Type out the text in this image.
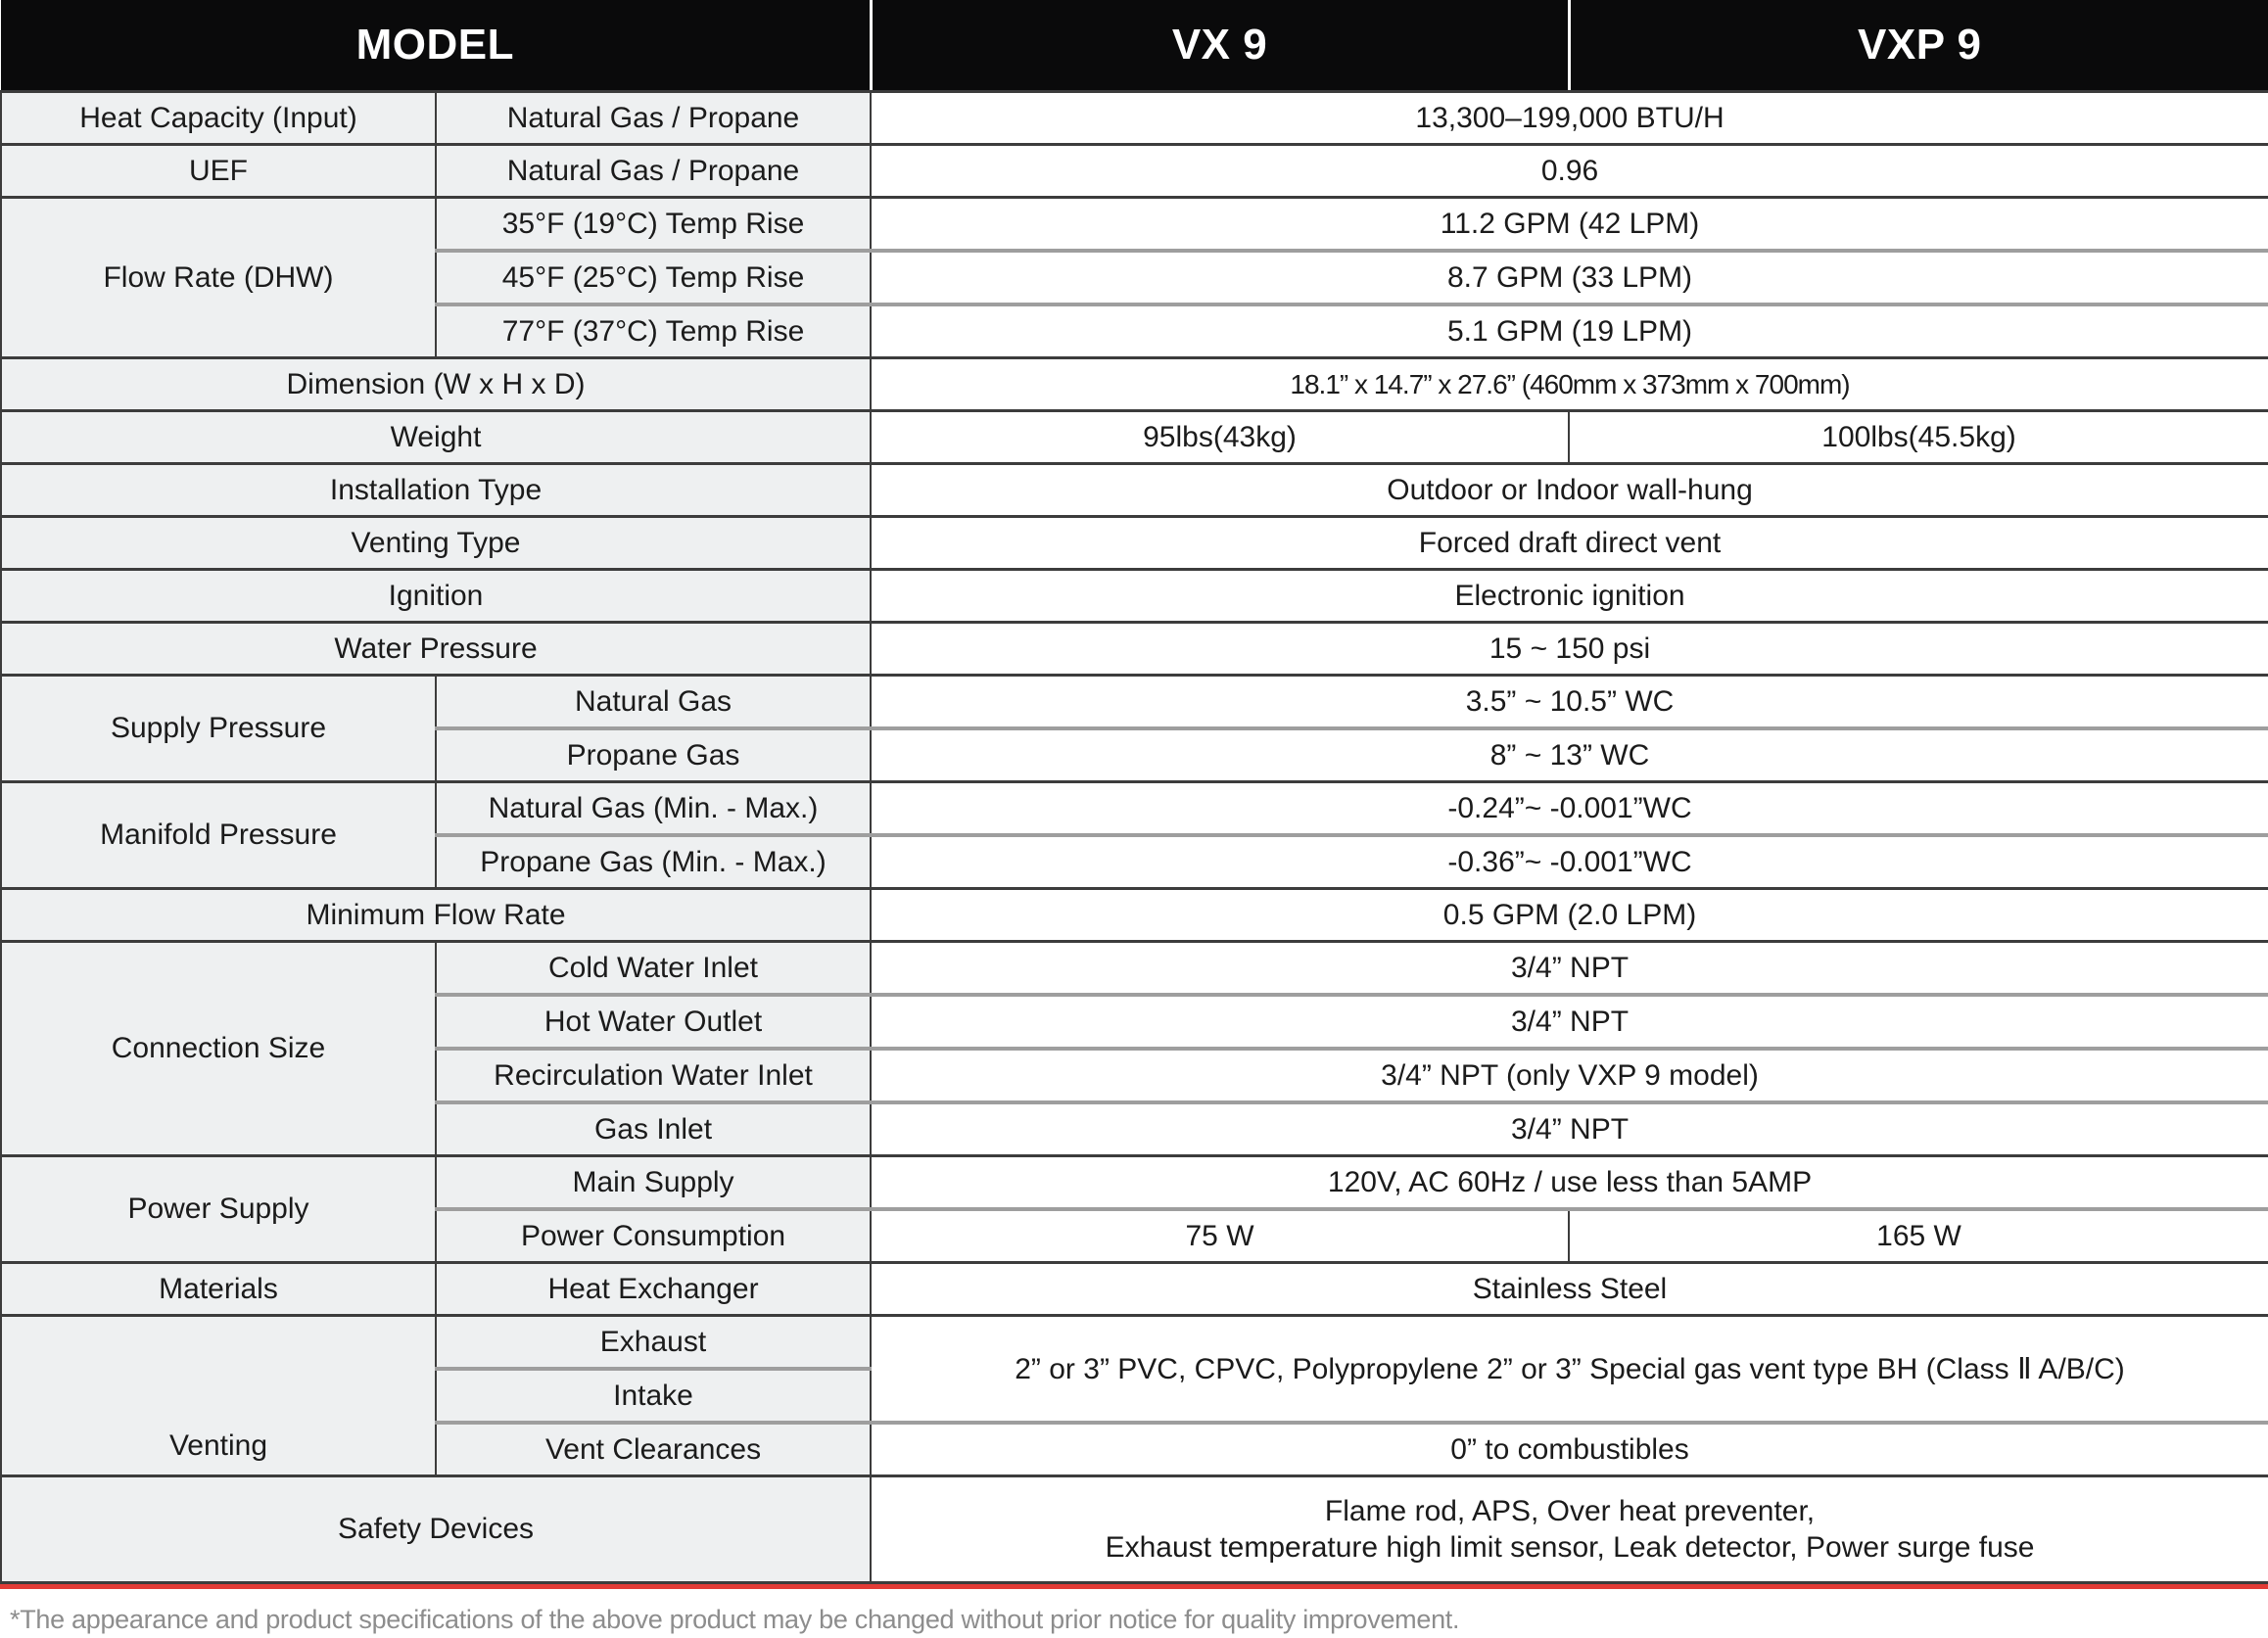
MODEL		VX 9	VXP 9
Heat Capacity (Input)	Natural Gas / Propane	13,300–199,000 BTU/H	
UEF	Natural Gas / Propane	0.96	
Flow Rate (DHW)	35°F (19°C) Temp Rise	11.2 GPM (42 LPM)	
	45°F (25°C) Temp Rise	8.7 GPM (33 LPM)	
	77°F (37°C) Temp Rise	5.1 GPM (19 LPM)	
Dimension (W x H x D)		18.1” x 14.7” x 27.6” (460mm x 373mm x 700mm)	
Weight		95lbs(43kg)	100lbs(45.5kg)
Installation Type		Outdoor or Indoor wall-hung	
Venting Type		Forced draft direct vent	
Ignition		Electronic ignition	
Water Pressure		15 ~ 150 psi	
Supply Pressure	Natural Gas	3.5” ~ 10.5” WC	
	Propane Gas	8” ~ 13” WC	
Manifold Pressure	Natural Gas (Min. - Max.)	-0.24”~ -0.001”WC	
	Propane Gas (Min. - Max.)	-0.36”~ -0.001”WC	
Minimum Flow Rate		0.5 GPM (2.0 LPM)	
Connection Size	Cold Water Inlet	3/4” NPT	
	Hot Water Outlet	3/4” NPT	
	Recirculation Water Inlet	3/4” NPT (only VXP 9 model)	
	Gas Inlet	3/4” NPT	
Power Supply	Main Supply	120V, AC 60Hz / use less than 5AMP	
	Power Consumption	75 W	165 W
Materials	Heat Exchanger	Stainless Steel	
Venting	Exhaust	2” or 3” PVC, CPVC, Polypropylene 2” or 3” Special gas vent type BH (Class Ⅱ A/B/C)	
	Intake		
	Vent Clearances	0” to combustibles	
Safety Devices		Flame rod, APS, Over heat preventer,
Exhaust temperature high limit sensor, Leak detector, Power surge fuse	

*The appearance and product specifications of the above product may be changed without prior notice for quality improvement.
